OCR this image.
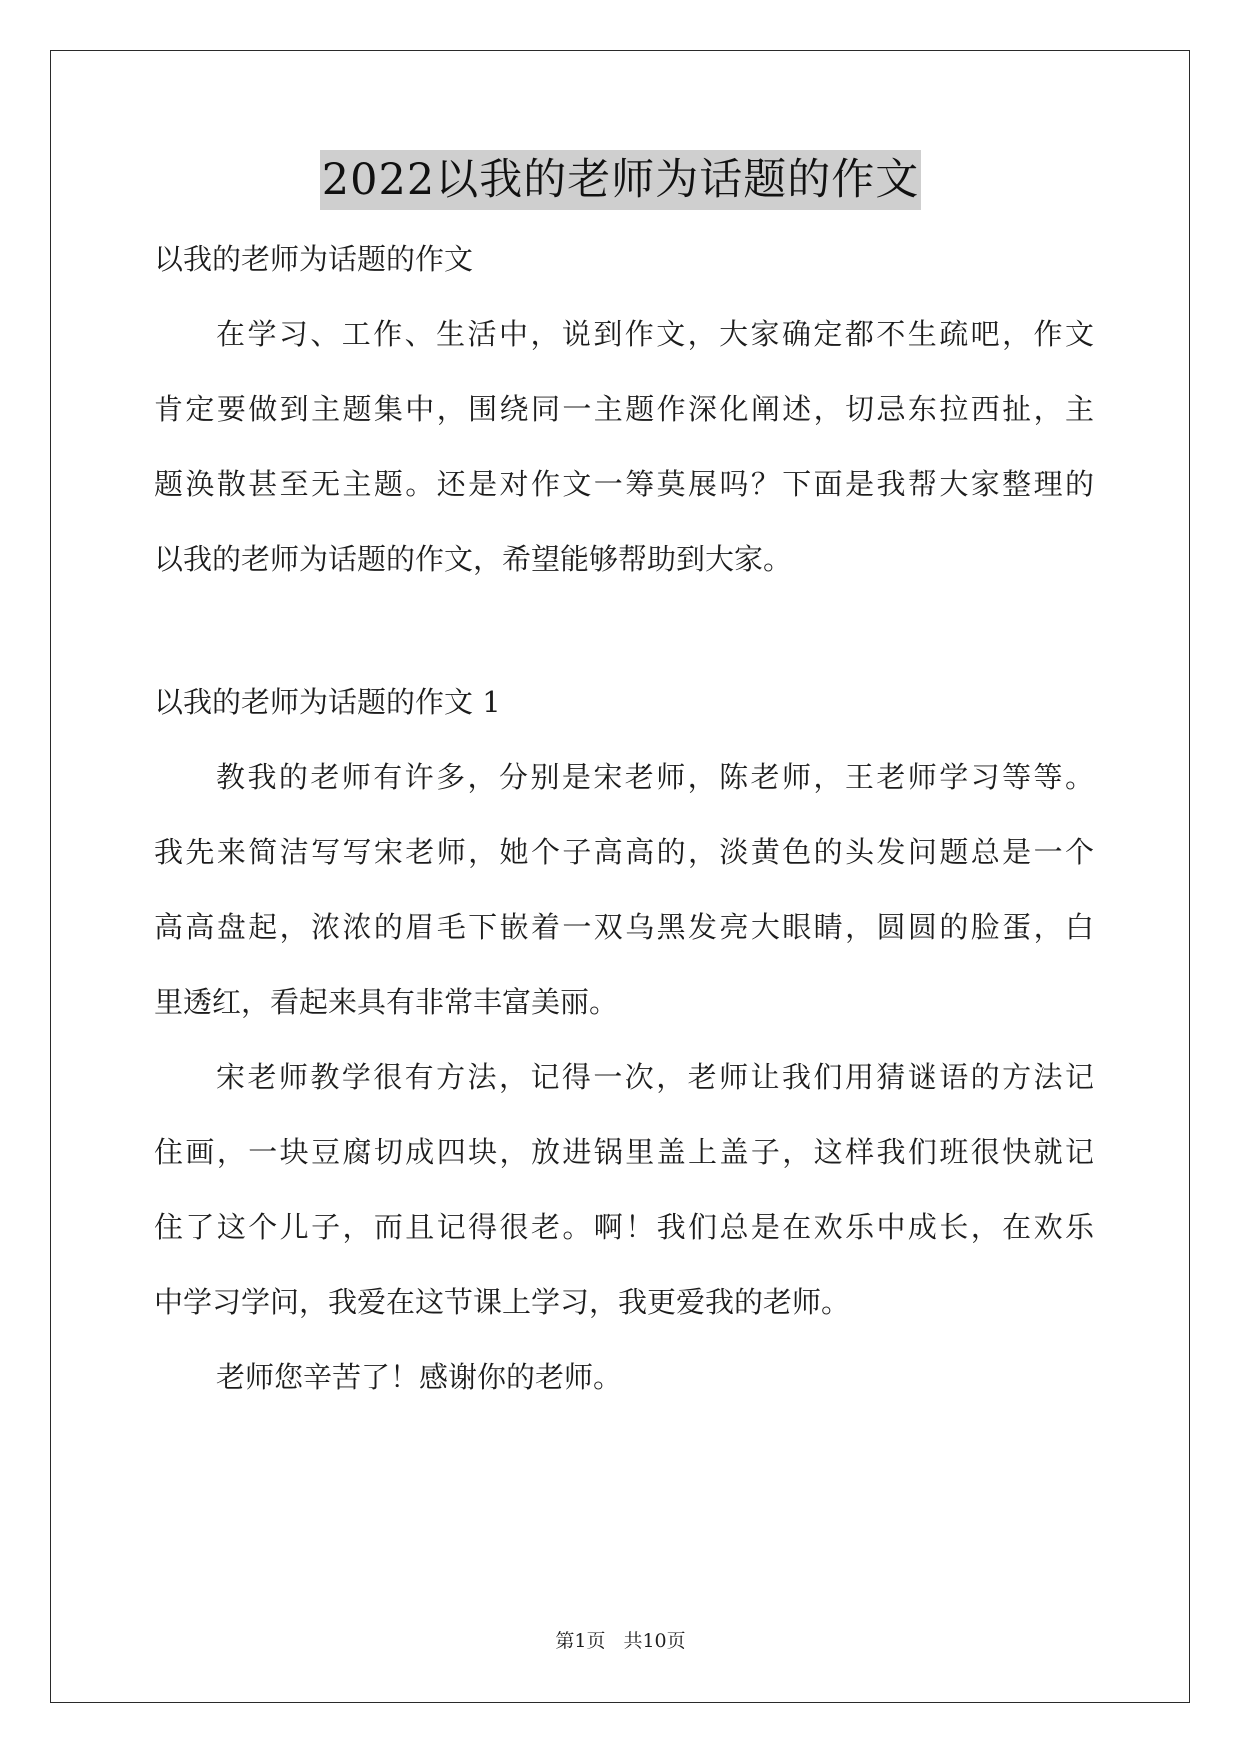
2022以我的老师为话题的作文
以我的老师为话题的作文
在学习、工作、生活中，说到作文，大家确定都不生疏吧，作文
肯定要做到主题集中，围绕同一主题作深化阐述，切忌东拉西扯，主
题涣散甚至无主题。还是对作文一筹莫展吗？下面是我帮大家整理的
以我的老师为话题的作文，希望能够帮助到大家。
以我的老师为话题的作文 1
教我的老师有许多，分别是宋老师，陈老师，王老师学习等等。
我先来简洁写写宋老师，她个子高高的，淡黄色的头发问题总是一个
高高盘起，浓浓的眉毛下嵌着一双乌黑发亮大眼睛，圆圆的脸蛋，白
里透红，看起来具有非常丰富美丽。
宋老师教学很有方法，记得一次，老师让我们用猜谜语的方法记
住画，一块豆腐切成四块，放进锅里盖上盖子，这样我们班很快就记
住了这个儿子，而且记得很老。啊！我们总是在欢乐中成长，在欢乐
中学习学问，我爱在这节课上学习，我更爱我的老师。
老师您辛苦了！感谢你的老师。
第1页 共10页
